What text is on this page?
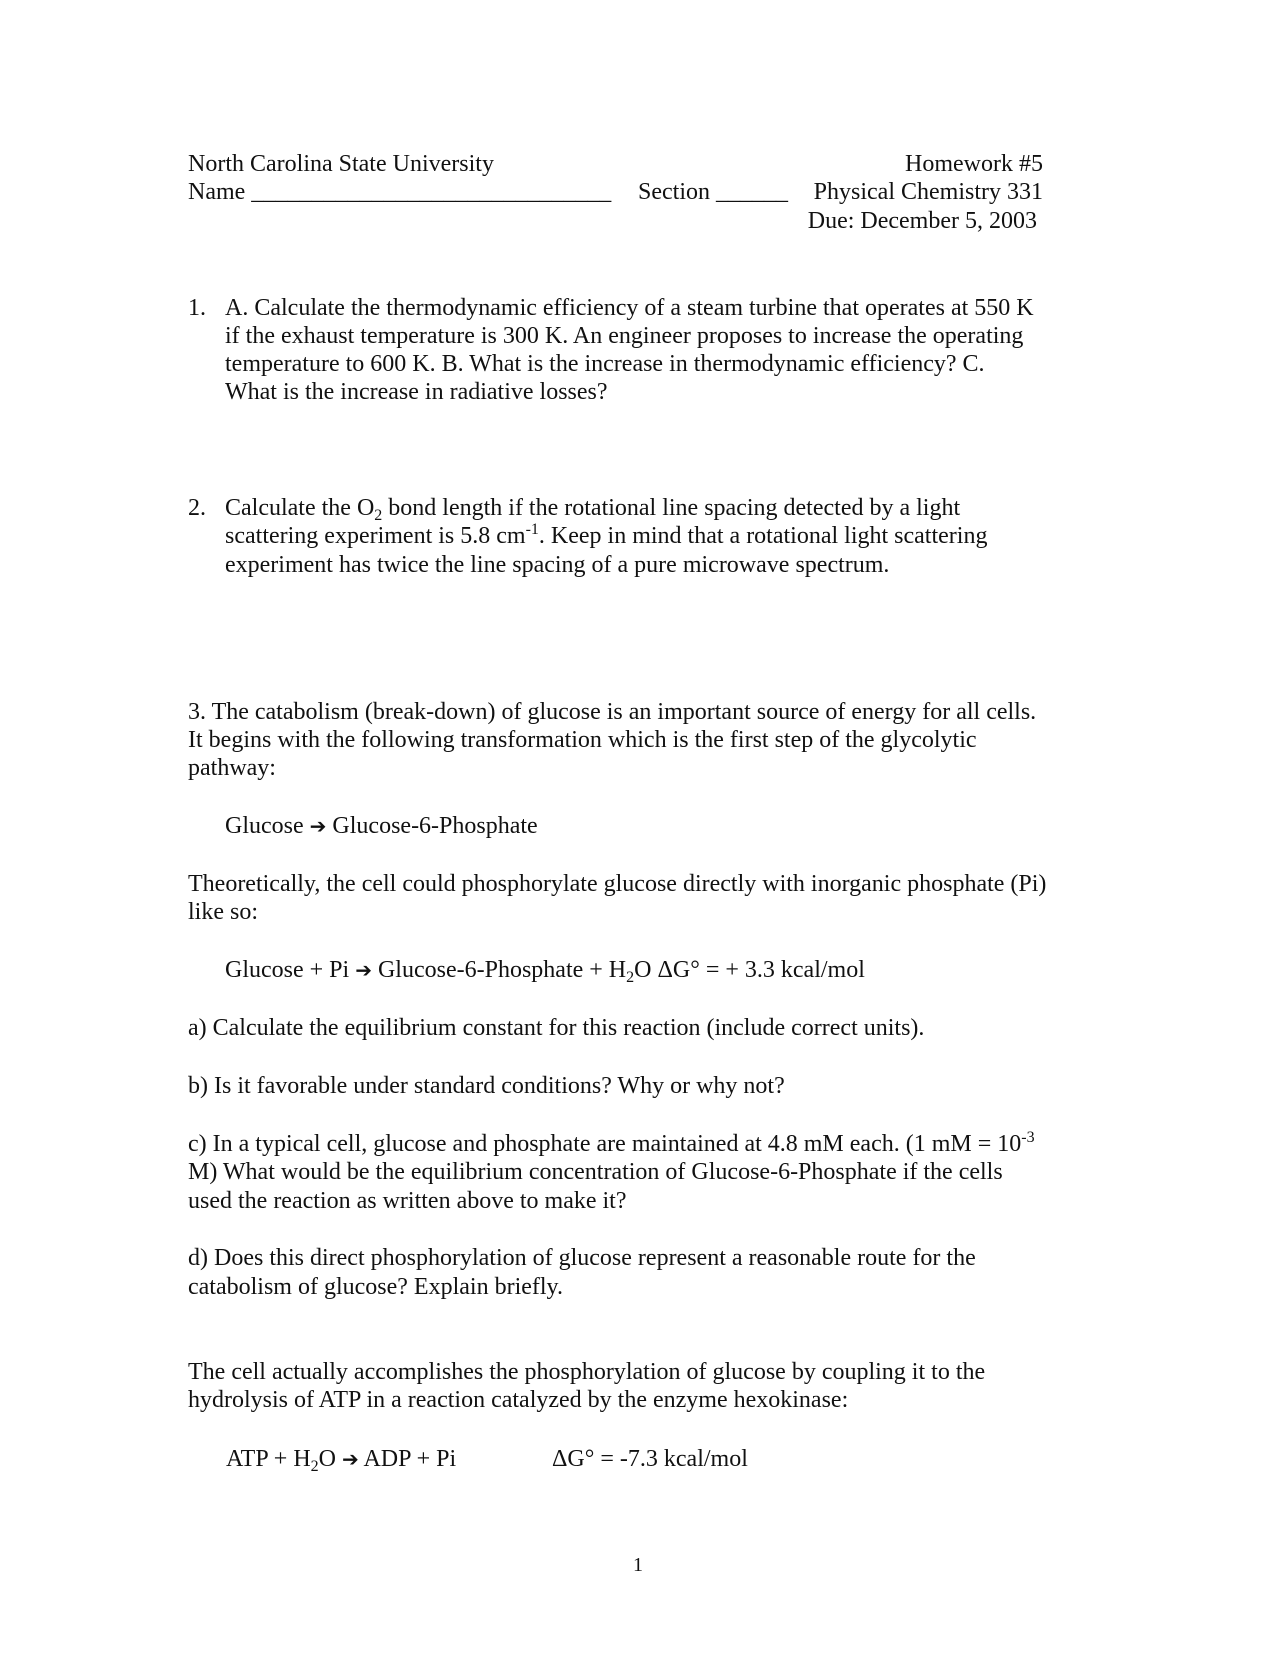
North Carolina State University
Name ______________________________ Section ______
Homework #5
Physical Chemistry 331
Due: December 5, 2003
1. A. Calculate the thermodynamic efficiency of a steam turbine that operates at 550 K
if the exhaust temperature is 300 K. An engineer proposes to increase the operating
temperature to 600 K. B. What is the increase in thermodynamic efficiency? C.
What is the increase in radiative losses?
2. Calculate the $O_2$ bond length if the rotational line spacing detected by a light
scattering experiment is 5.8 $cm^{-1}$. Keep in mind that a rotational light scattering
experiment has twice the line spacing of a pure microwave spectrum.
3. The catabolism (break-down) of glucose is an important source of energy for all cells.
It begins with the following transformation which is the first step of the glycolytic
pathway:
Glucose ➔ Glucose-6-Phosphate
Theoretically, the cell could phosphorylate glucose directly with inorganic phosphate (Pi)
like so:
Glucose + Pi ➔ Glucose-6-Phosphate + $H_2O$ ΔG° = + 3.3 kcal/mol
a) Calculate the equilibrium constant for this reaction (include correct units).
b) Is it favorable under standard conditions? Why or why not?
c) In a typical cell, glucose and phosphate are maintained at 4.8 mM each. (1 mM = $10^{-3}$
M) What would be the equilibrium concentration of Glucose-6-Phosphate if the cells
used the reaction as written above to make it?
d) Does this direct phosphorylation of glucose represent a reasonable route for the
catabolism of glucose? Explain briefly.
The cell actually accomplishes the phosphorylation of glucose by coupling it to the
hydrolysis of ATP in a reaction catalyzed by the enzyme hexokinase:
ATP + $H_2O$ ➔ ADP + Pi	ΔG° = -7.3 kcal/mol
1
